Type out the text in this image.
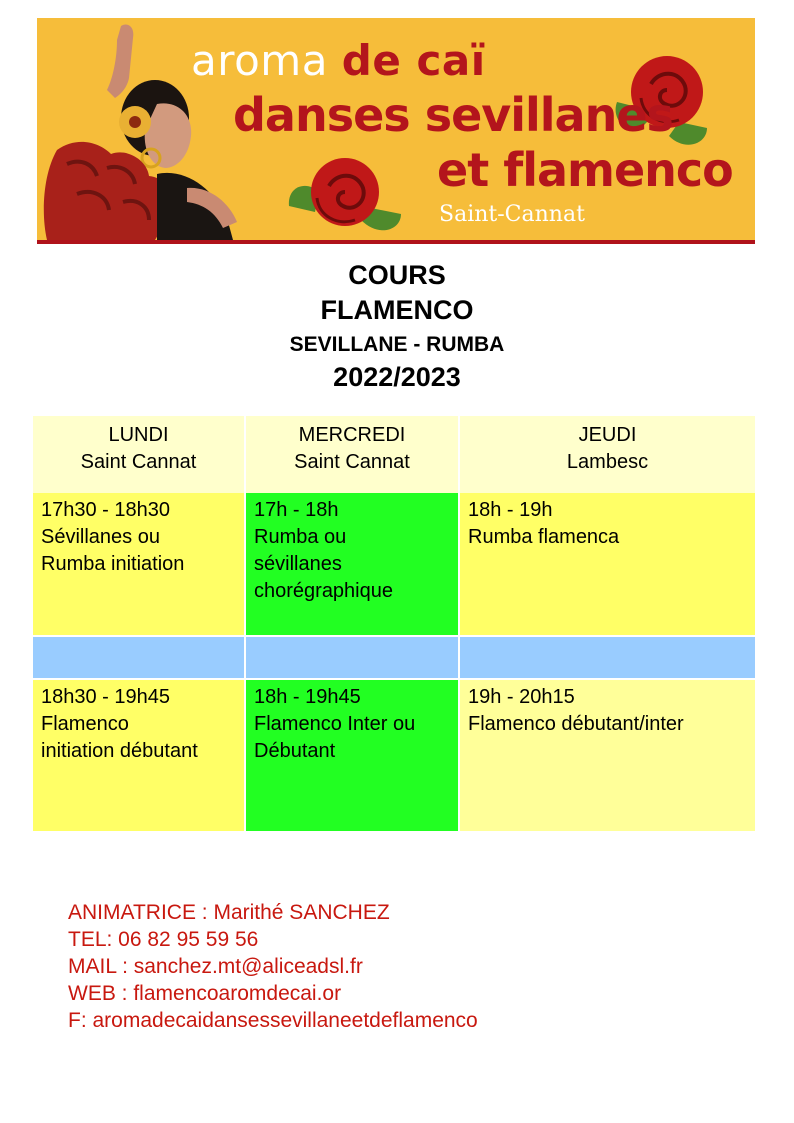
aroma de caï
danses sevillanes
et flamenco
Saint-Cannat
COURS
FLAMENCO
SEVILLANE - RUMBA
2022/2023
LUNDI
Saint Cannat
MERCREDI
Saint Cannat
JEUDI
Lambesc
17h30 - 18h30
Sévillanes ou
Rumba initiation
17h - 18h
Rumba ou
sévillanes
chorégraphique
18h - 19h
Rumba flamenca
18h30 - 19h45
Flamenco
initiation débutant
18h - 19h45
Flamenco Inter ou
Débutant
19h - 20h15
Flamenco débutant/inter
ANIMATRICE : Marithé SANCHEZ
TEL: 06 82 95 59 56
MAIL : sanchez.mt@aliceadsl.fr
WEB : flamencoaromdecai.or
F: aromadecaidansessevillaneetdeflamenco
